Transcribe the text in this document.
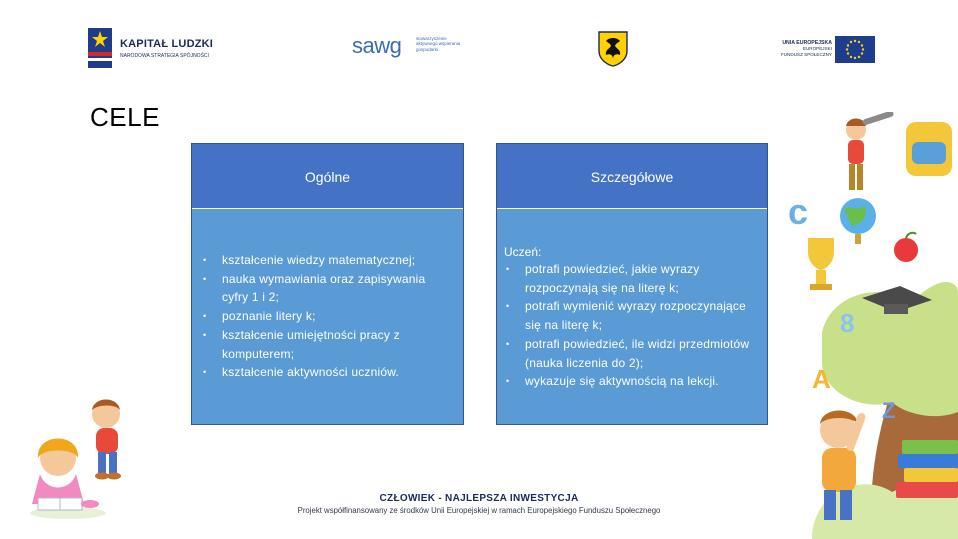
KAPITAŁ LUDZKI
NARODOWA STRATEGIA SPÓJNOŚCI	sawg	stowarzyszenie aktywnego wspierania gospodarki
UNIA EUROPEJSKA
EUROPEJSKI
FUNDUSZ SPOŁECZNY
CELE
Ogólne
• kształcenie wiedzy matematycznej;
• nauka wymawiania oraz zapisywania cyfry 1 i 2;
• poznanie litery k;
• kształcenie umiejętności pracy z komputerem;
• kształcenie aktywności uczniów.
Szczegółowe
Uczeń:
• potrafi powiedzieć, jakie wyrazy rozpoczynają się na literę k;
• potrafi wymienić wyrazy rozpoczynające się na literę k;
• potrafi powiedzieć, ile widzi przedmiotów (nauka liczenia do 2);
• wykazuje się aktywnością na lekcji.
c
8
A
Z
CZŁOWIEK - NAJLEPSZA INWESTYCJA
Projekt współfinansowany ze środków Unii Europejskiej w ramach Europejskiego Funduszu Społecznego
